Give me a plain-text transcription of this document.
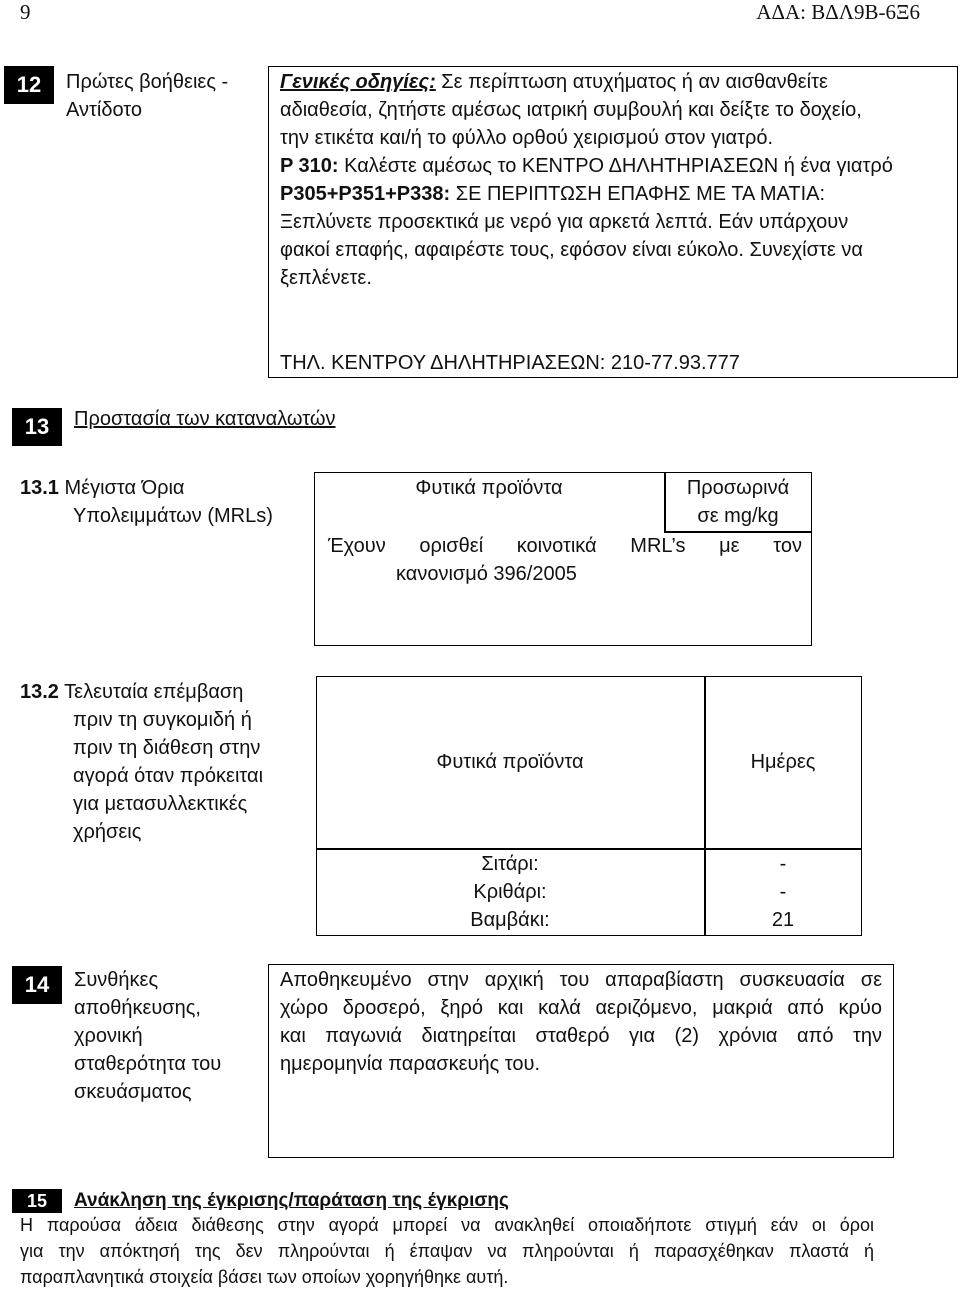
9	ΑΔΑ: ΒΔΛ9Β-6Ξ6
12	Πρώτες βοήθειες -
Αντίδοτο
Γενικές οδηγίες: Σε περίπτωση ατυχήματος ή αν αισθανθείτε
αδιαθεσία, ζητήστε αμέσως ιατρική συμβουλή και δείξτε το δοχείο,
την ετικέτα και/ή το φύλλο ορθού χειρισμού στον γιατρό.
P 310: Καλέστε αμέσως το ΚΕΝΤΡΟ ΔΗΛΗΤΗΡΙΑΣΕΩΝ ή ένα γιατρό
P305+P351+P338: ΣΕ ΠΕΡΙΠΤΩΣΗ ΕΠΑΦΗΣ ΜΕ ΤΑ ΜΑΤΙΑ:
Ξεπλύνετε προσεκτικά με νερό για αρκετά λεπτά. Εάν υπάρχουν
φακοί επαφής, αφαιρέστε τους, εφόσον είναι εύκολο. Συνεχίστε να
ξεπλένετε.
ΤΗΛ. ΚΕΝΤΡΟΥ ΔΗΛΗΤΗΡΙΑΣΕΩΝ: 210-77.93.777
13	Προστασία των καταναλωτών
13.1 Μέγιστα Όρια
Υπολειμμάτων (MRLs)
Φυτικά προϊόντα	Προσωρινά
σε mg/kg
Έχουν ορισθεί κοινοτικά MRL’s με τον
κανονισμό 396/2005
13.2 Τελευταία επέμβαση
πριν τη συγκομιδή ή
πριν τη διάθεση στην
αγορά όταν πρόκειται
για μετασυλλεκτικές
χρήσεις
Φυτικά προϊόντα	Ημέρες
Σιτάρι:	-
Κριθάρι:	-
Βαμβάκι:	21
14	Συνθήκες
αποθήκευσης,
χρονική
σταθερότητα του
σκευάσματος
Αποθηκευμένο στην αρχική του απαραβίαστη συσκευασία σε
χώρο δροσερό, ξηρό και καλά αεριζόμενο, μακριά από κρύο
και παγωνιά διατηρείται σταθερό για (2) χρόνια από την
ημερομηνία παρασκευής του.
15	Ανάκληση της έγκρισης/παράταση της έγκρισης
Η παρούσα άδεια διάθεσης στην αγορά μπορεί να ανακληθεί οποιαδήποτε στιγμή εάν οι όροι
για την απόκτησή της δεν πληρούνται ή έπαψαν να πληρούνται ή παρασχέθηκαν πλαστά ή
παραπλανητικά στοιχεία βάσει των οποίων χορηγήθηκε αυτή.
